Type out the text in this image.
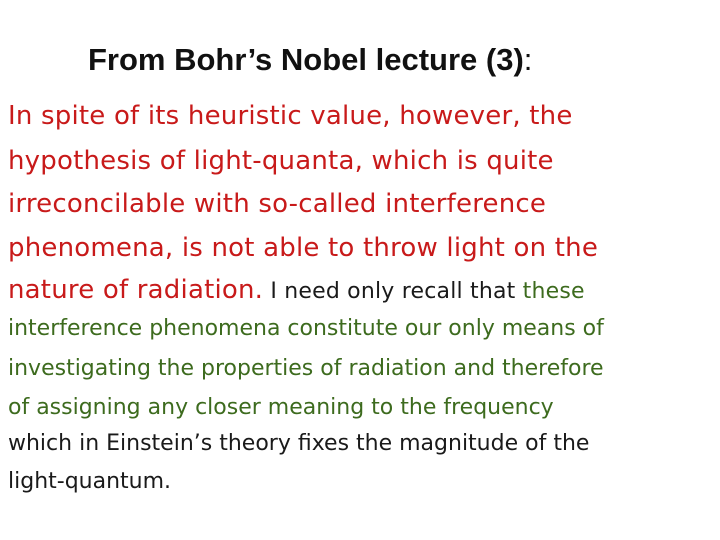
From Bohr’s Nobel lecture (3):
In spite of its heuristic value, however, the
hypothesis of light-quanta, which is quite
irreconcilable with so-called interference
phenomena, is not able to throw light on the
nature of radiation. I need only recall that these
interference phenomena constitute our only means of
investigating the properties of radiation and therefore
of assigning any closer meaning to the frequency
which in Einstein’s theory fixes the magnitude of the
light-quantum.
